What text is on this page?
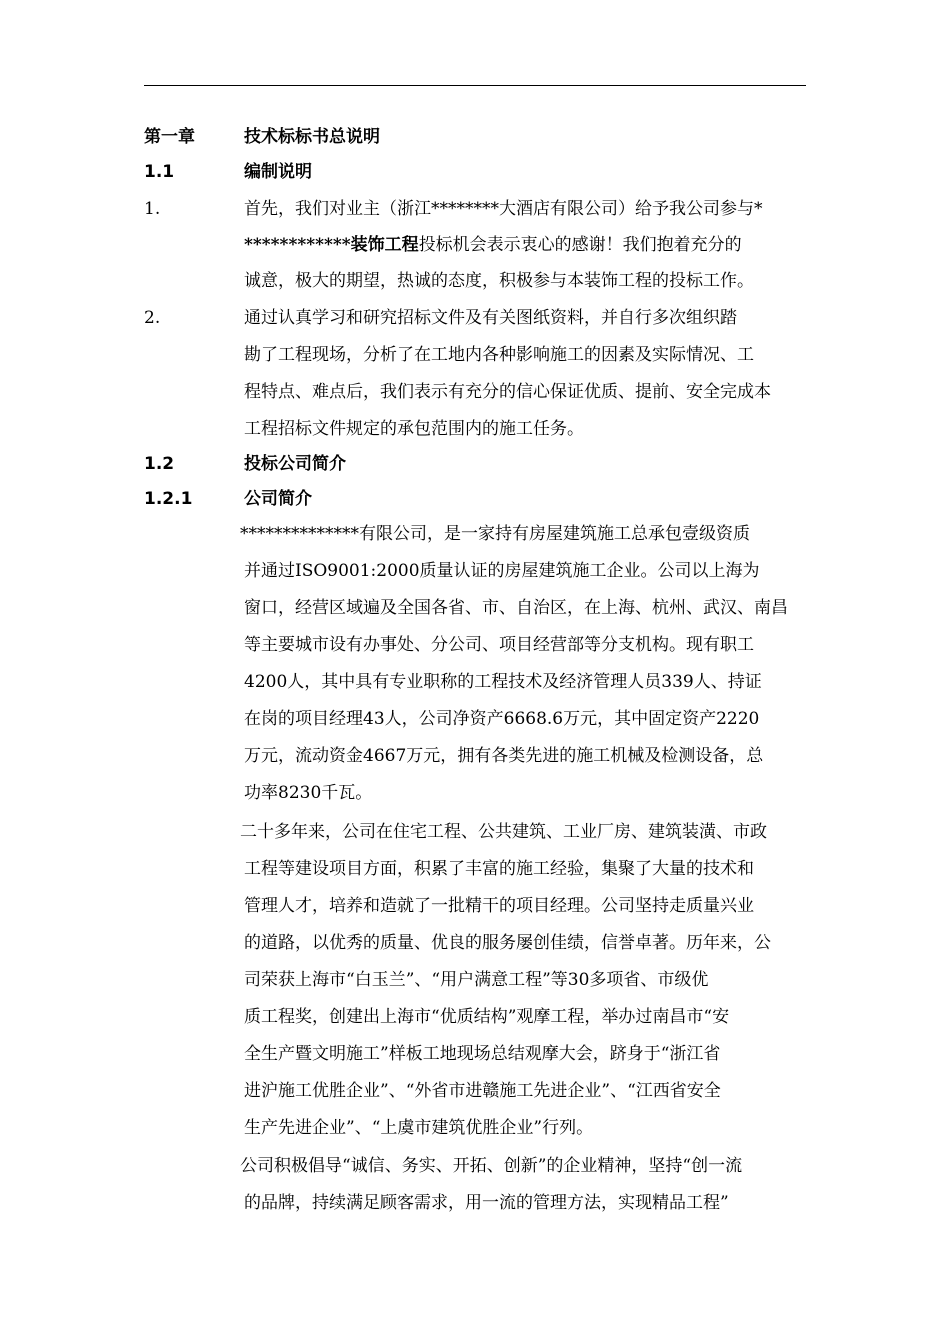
第一章	技术标标书总说明
1.1	编制说明
1.	首先，我们对业主（浙江********大酒店有限公司）给予我公司参与*
************装饰工程投标机会表示衷心的感谢！我们抱着充分的
诚意，极大的期望，热诚的态度，积极参与本装饰工程的投标工作。
2.	通过认真学习和研究招标文件及有关图纸资料，并自行多次组织踏
勘了工程现场，分析了在工地内各种影响施工的因素及实际情况、工
程特点、难点后，我们表示有充分的信心保证优质、提前、安全完成本
工程招标文件规定的承包范围内的施工任务。
1.2	投标公司简介
1.2.1	公司简介
**************有限公司，是一家持有房屋建筑施工总承包壹级资质
并通过ISO9001:2000质量认证的房屋建筑施工企业。公司以上海为
窗口，经营区域遍及全国各省、市、自治区，在上海、杭州、武汉、南昌
等主要城市设有办事处、分公司、项目经营部等分支机构。现有职工
4200人，其中具有专业职称的工程技术及经济管理人员339人、持证
在岗的项目经理43人，公司净资产6668.6万元，其中固定资产2220
万元，流动资金4667万元，拥有各类先进的施工机械及检测设备，总
功率8230千瓦。
二十多年来，公司在住宅工程、公共建筑、工业厂房、建筑装潢、市政
工程等建设项目方面，积累了丰富的施工经验，集聚了大量的技术和
管理人才，培养和造就了一批精干的项目经理。公司坚持走质量兴业
的道路，以优秀的质量、优良的服务屡创佳绩，信誉卓著。历年来，公
司荣获上海市“白玉兰”、“用户满意工程”等30多项省、市级优
质工程奖，创建出上海市“优质结构”观摩工程，举办过南昌市“安
全生产暨文明施工”样板工地现场总结观摩大会，跻身于“浙江省
进沪施工优胜企业”、“外省市进赣施工先进企业”、“江西省安全
生产先进企业”、“上虞市建筑优胜企业”行列。
公司积极倡导“诚信、务实、开拓、创新”的企业精神，坚持“创一流
的品牌，持续满足顾客需求，用一流的管理方法，实现精品工程”
